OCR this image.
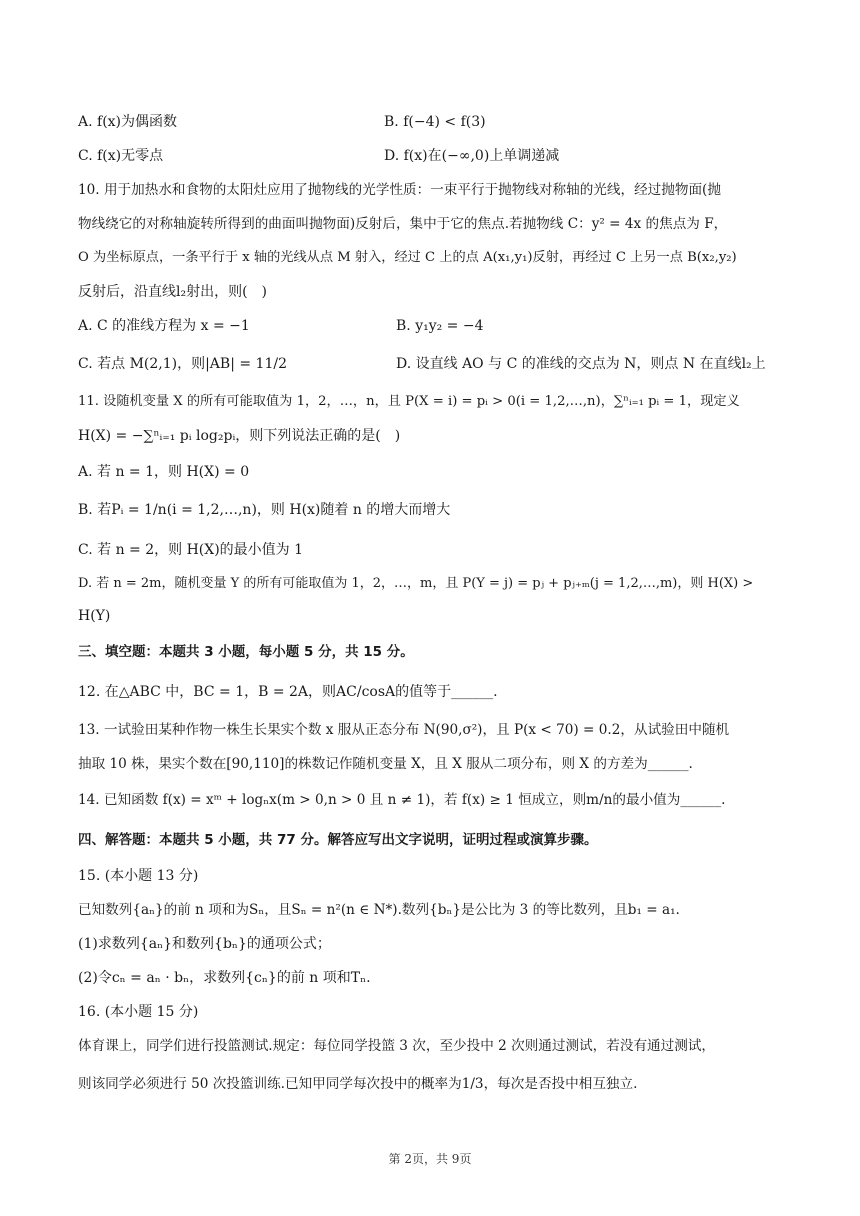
A. f(x)为偶函数	B. f(−4) < f(3)
C. f(x)无零点	D. f(x)在(−∞,0)上单调递减
10. 用于加热水和食物的太阳灶应用了抛物线的光学性质：一束平行于抛物线对称轴的光线，经过抛物面(抛
物线绕它的对称轴旋转所得到的曲面叫抛物面)反射后，集中于它的焦点.若抛物线 C：y² = 4x 的焦点为 F，
O 为坐标原点，一条平行于 x 轴的光线从点 M 射入，经过 C 上的点 A(x₁,y₁)反射，再经过 C 上另一点 B(x₂,y₂)
反射后，沿直线l₂射出，则(　)
A. C 的准线方程为 x = −1	B. y₁y₂ = −4
C. 若点 M(2,1)，则|AB| = 11/2	D. 设直线 AO 与 C 的准线的交点为 N，则点 N 在直线l₂上
11. 设随机变量 X 的所有可能取值为 1，2，…，n，且 P(X = i) = pᵢ > 0(i = 1,2,…,n)，∑ⁿᵢ₌₁ pᵢ = 1，现定义
H(X) = −∑ⁿᵢ₌₁ pᵢ log₂pᵢ，则下列说法正确的是(　)
A. 若 n = 1，则 H(X) = 0
B. 若Pᵢ = 1/n(i = 1,2,…,n)，则 H(x)随着 n 的增大而增大
C. 若 n = 2，则 H(X)的最小值为 1
D. 若 n = 2m，随机变量 Y 的所有可能取值为 1，2，…，m，且 P(Y = j) = pⱼ + pⱼ₊ₘ(j = 1,2,…,m)，则 H(X) >
H(Y)
三、填空题：本题共 3 小题，每小题 5 分，共 15 分。
12. 在△ABC 中，BC = 1，B = 2A，则AC/cosA的值等于______.
13. 一试验田某种作物一株生长果实个数 x 服从正态分布 N(90,σ²)，且 P(x < 70) = 0.2，从试验田中随机
抽取 10 株，果实个数在[90,110]的株数记作随机变量 X，且 X 服从二项分布，则 X 的方差为______.
14. 已知函数 f(x) = xᵐ + logₙx(m > 0,n > 0 且 n ≠ 1)，若 f(x) ≥ 1 恒成立，则m/n的最小值为______.
四、解答题：本题共 5 小题，共 77 分。解答应写出文字说明，证明过程或演算步骤。
15. (本小题 13 分)
已知数列{aₙ}的前 n 项和为Sₙ，且Sₙ = n²(n ∈ N*).数列{bₙ}是公比为 3 的等比数列，且b₁ = a₁.
(1)求数列{aₙ}和数列{bₙ}的通项公式；
(2)令cₙ = aₙ · bₙ，求数列{cₙ}的前 n 项和Tₙ.
16. (本小题 15 分)
体育课上，同学们进行投篮测试.规定：每位同学投篮 3 次，至少投中 2 次则通过测试，若没有通过测试，
则该同学必须进行 50 次投篮训练.已知甲同学每次投中的概率为1/3，每次是否投中相互独立.
第 2页，共 9页
